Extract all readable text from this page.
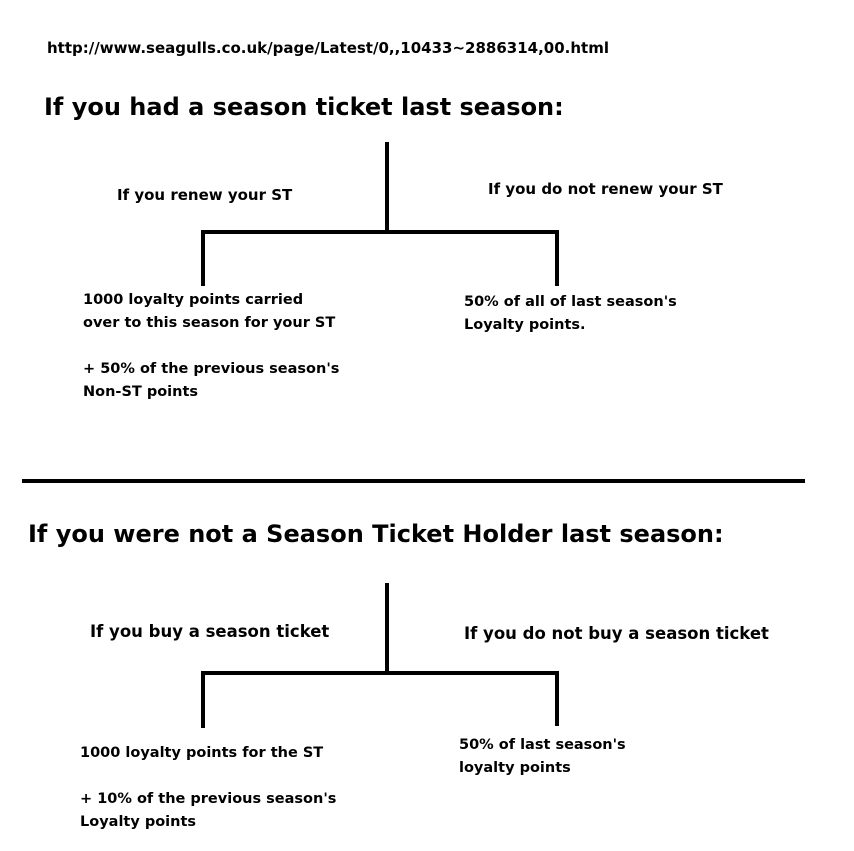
http://www.seagulls.co.uk/page/Latest/0,,10433~2886314,00.html
If you had a season ticket last season:
If you renew your ST	If you do not renew your ST
1000 loyalty points carried
over to this season for your ST
+ 50% of the previous season's
Non-ST points
50% of all of last season's
Loyalty points.
If you were not a Season Ticket Holder last season:
If you buy a season ticket	If you do not buy a season ticket
1000 loyalty points for the ST
+ 10% of the previous season's
Loyalty points
50% of last season's
loyalty points
